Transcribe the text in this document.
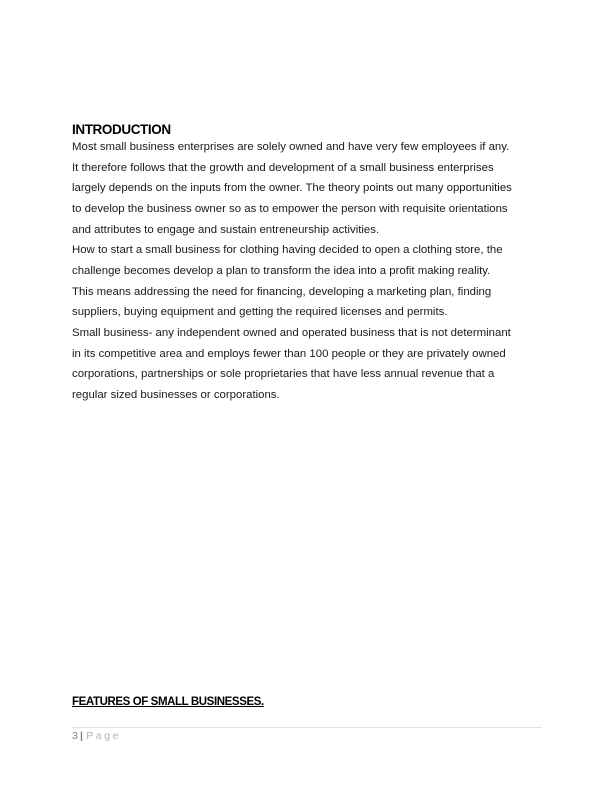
INTRODUCTION

Most small business enterprises are solely owned and have very few employees if any.
It therefore follows that the growth and development of a small business enterprises
largely depends on the inputs from the owner. The theory points out many opportunities
to develop the business owner so as to empower the person with requisite orientations
and attributes to engage and sustain entreneurship activities.
How to start a small business for clothing having decided to open a clothing store, the
challenge becomes develop a plan to transform the idea into a profit making reality.
This means addressing the need for financing, developing a marketing plan, finding
suppliers, buying equipment and getting the required licenses and permits.
Small business- any independent owned and operated business that is not determinant
in its competitive area and employs fewer than 100 people or they are privately owned
corporations, partnerships or sole proprietaries that have less annual revenue that a
regular sized businesses or corporations.

FEATURES OF SMALL BUSINESSES.
3 | Page
